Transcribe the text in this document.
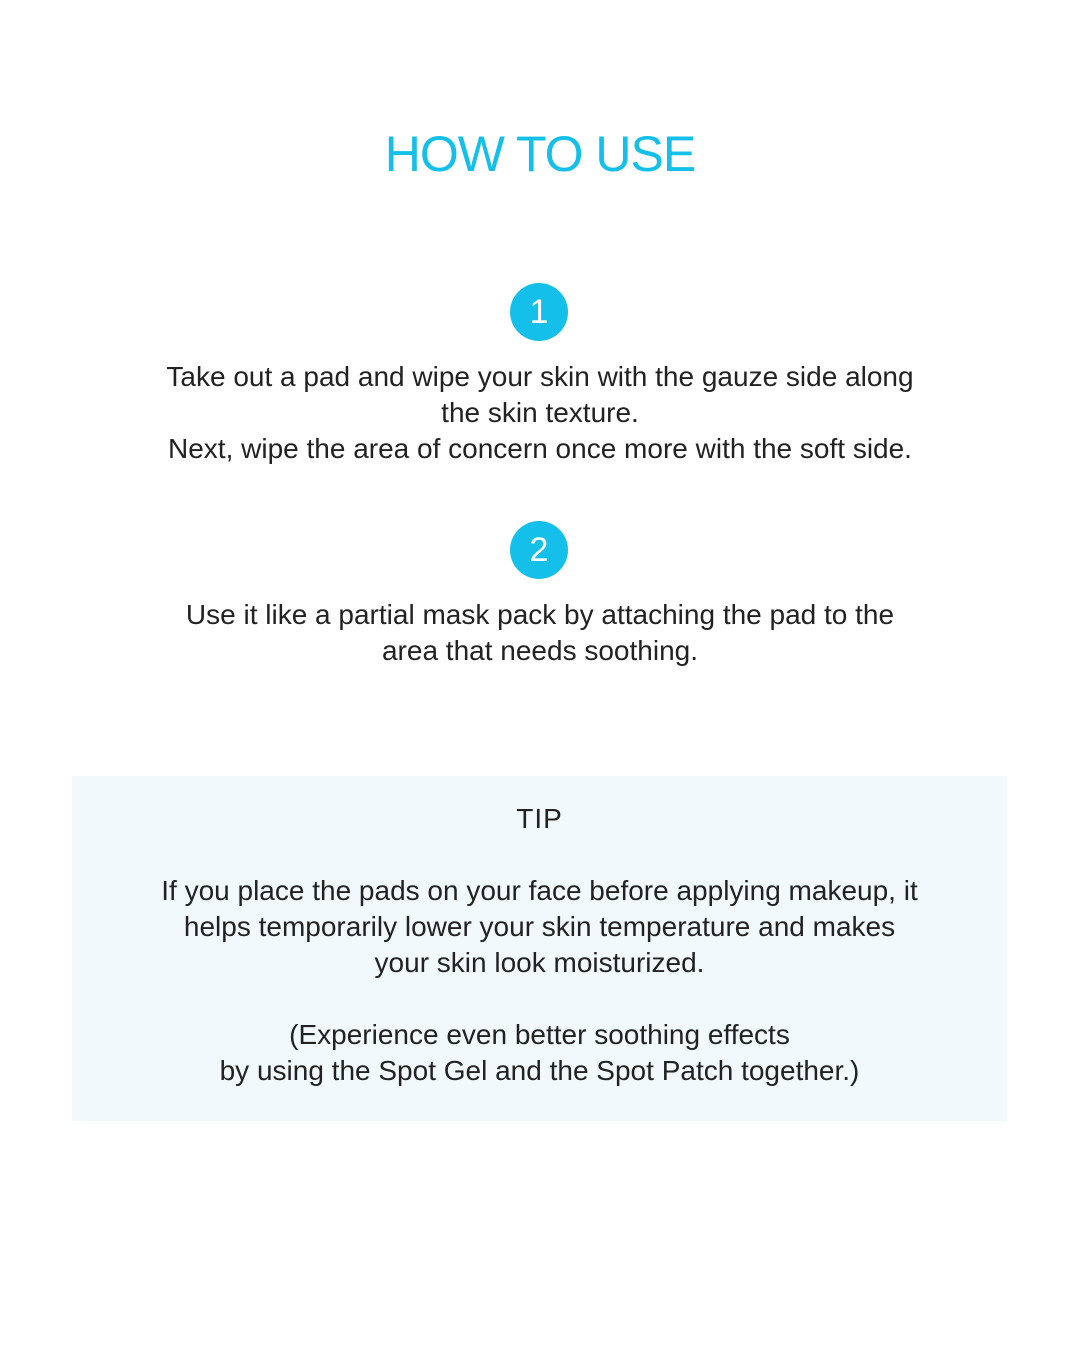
HOW TO USE
1
Take out a pad and wipe your skin with the gauze side along
the skin texture.
Next, wipe the area of concern once more with the soft side.
2
Use it like a partial mask pack by attaching the pad to the
area that needs soothing.
TIP
If you place the pads on your face before applying makeup, it
helps temporarily lower your skin temperature and makes
your skin look moisturized.
(Experience even better soothing effects
by using the Spot Gel and the Spot Patch together.)
